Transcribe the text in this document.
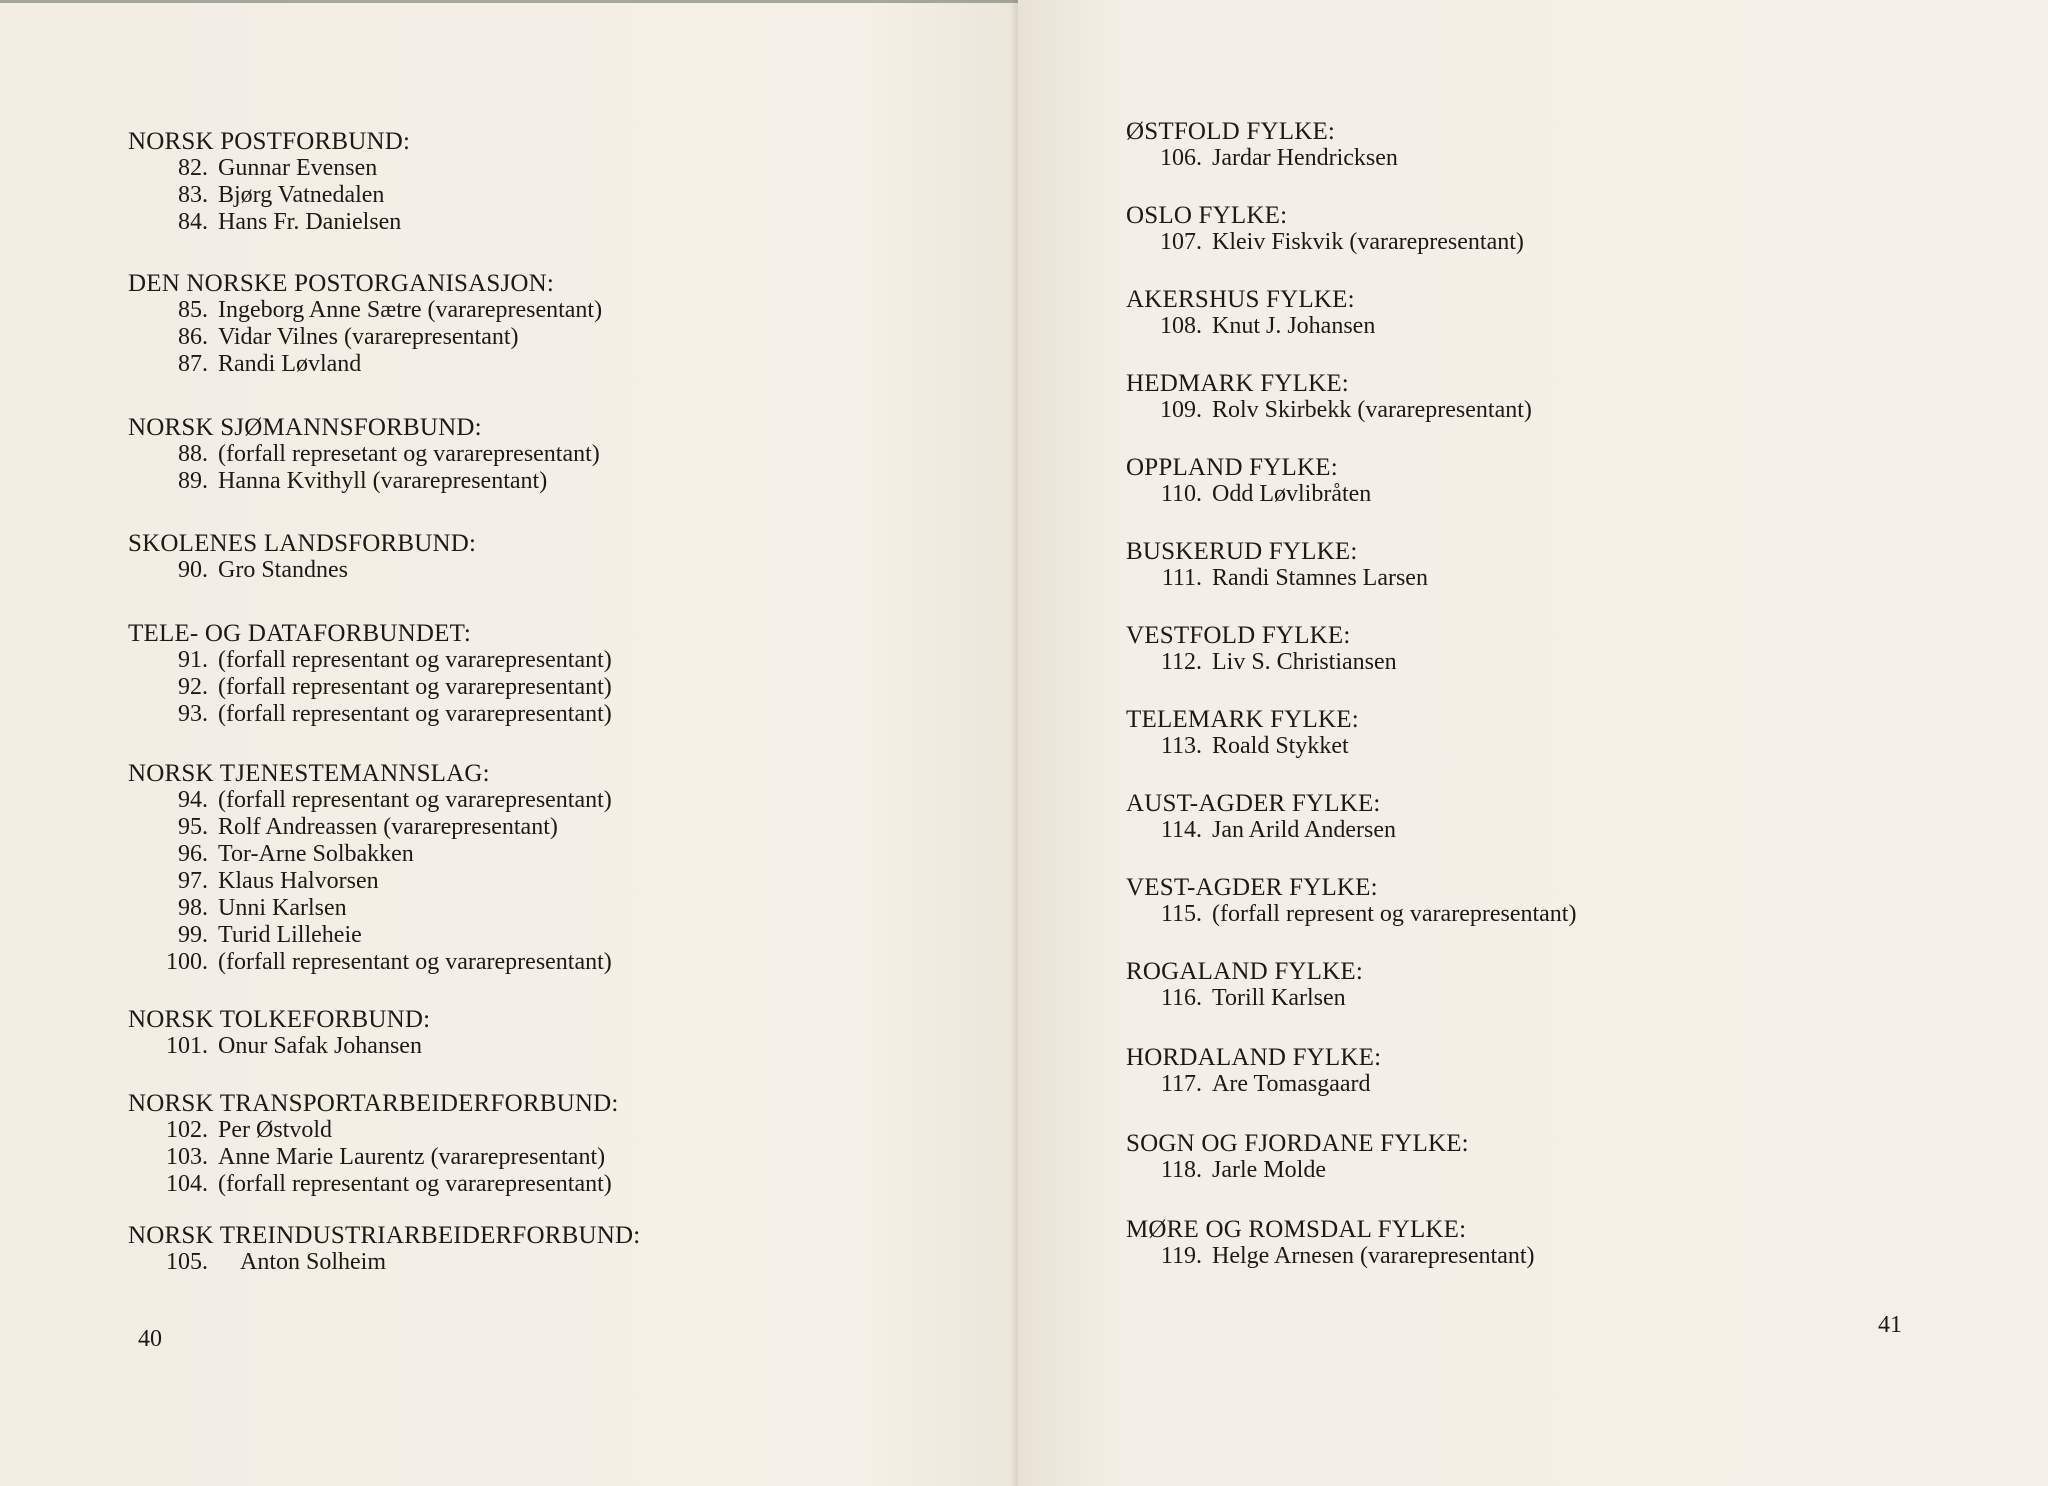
NORSK POSTFORBUND:
82. Gunnar Evensen
83. Bjørg Vatnedalen
84. Hans Fr. Danielsen
DEN NORSKE POSTORGANISASJON:
85. Ingeborg Anne Sætre (vararepresentant)
86. Vidar Vilnes (vararepresentant)
87. Randi Løvland
NORSK SJØMANNSFORBUND:
88. (forfall represetant og vararepresentant)
89. Hanna Kvithyll (vararepresentant)
SKOLENES LANDSFORBUND:
90. Gro Standnes
TELE- OG DATAFORBUNDET:
91. (forfall representant og vararepresentant)
92. (forfall representant og vararepresentant)
93. (forfall representant og vararepresentant)
NORSK TJENESTEMANNSLAG:
94. (forfall representant og vararepresentant)
95. Rolf Andreassen (vararepresentant)
96. Tor-Arne Solbakken
97. Klaus Halvorsen
98. Unni Karlsen
99. Turid Lilleheie
100. (forfall representant og vararepresentant)
NORSK TOLKEFORBUND:
101. Onur Safak Johansen
NORSK TRANSPORTARBEIDERFORBUND:
102. Per Østvold
103. Anne Marie Laurentz (vararepresentant)
104. (forfall representant og vararepresentant)
NORSK TREINDUSTRIARBEIDERFORBUND:
105. Anton Solheim
40
ØSTFOLD FYLKE:
106. Jardar Hendricksen
OSLO FYLKE:
107. Kleiv Fiskvik (vararepresentant)
AKERSHUS FYLKE:
108. Knut J. Johansen
HEDMARK FYLKE:
109. Rolv Skirbekk (vararepresentant)
OPPLAND FYLKE:
110. Odd Løvlibråten
BUSKERUD FYLKE:
111. Randi Stamnes Larsen
VESTFOLD FYLKE:
112. Liv S. Christiansen
TELEMARK FYLKE:
113. Roald Stykket
AUST-AGDER FYLKE:
114. Jan Arild Andersen
VEST-AGDER FYLKE:
115. (forfall represent og vararepresentant)
ROGALAND FYLKE:
116. Torill Karlsen
HORDALAND FYLKE:
117. Are Tomasgaard
SOGN OG FJORDANE FYLKE:
118. Jarle Molde
MØRE OG ROMSDAL FYLKE:
119. Helge Arnesen (vararepresentant)
41
